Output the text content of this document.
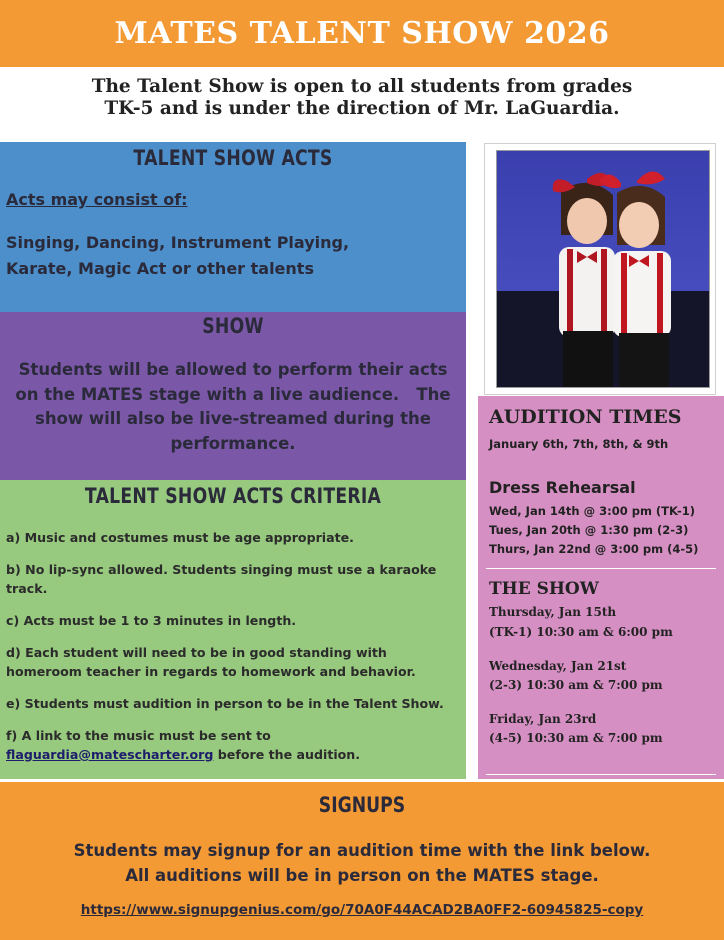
MATES TALENT SHOW 2026
The Talent Show is open to all students from grades
TK-5 and is under the direction of Mr. LaGuardia.
TALENT SHOW ACTS
Acts may consist of:
Singing, Dancing, Instrument Playing,
Karate, Magic Act or other talents
SHOW
Students will be allowed to perform their acts
on the MATES stage with a live audience.   The
show will also be live-streamed during the
performance.
TALENT SHOW ACTS CRITERIA
a) Music and costumes must be age appropriate.
b) No lip-sync allowed. Students singing must use a karaoke
track.
c) Acts must be 1 to 3 minutes in length.
d) Each student will need to be in good standing with
homeroom teacher in regards to homework and behavior.
e) Students must audition in person to be in the Talent Show.
f) A link to the music must be sent to
flaguardia@matescharter.org before the audition.
AUDITION TIMES
January 6th, 7th, 8th, & 9th
Dress Rehearsal
Wed, Jan 14th @ 3:00 pm (TK-1)
Tues, Jan 20th @ 1:30 pm (2-3)
Thurs, Jan 22nd @ 3:00 pm (4-5)
THE SHOW
Thursday, Jan 15th
(TK-1) 10:30 am & 6:00 pm
Wednesday, Jan 21st
(2-3) 10:30 am & 7:00 pm
Friday, Jan 23rd
(4-5) 10:30 am & 7:00 pm
SIGNUPS
Students may signup for an audition time with the link below.
All auditions will be in person on the MATES stage.
https://www.signupgenius.com/go/70A0F44ACAD2BA0FF2-60945825-copy
